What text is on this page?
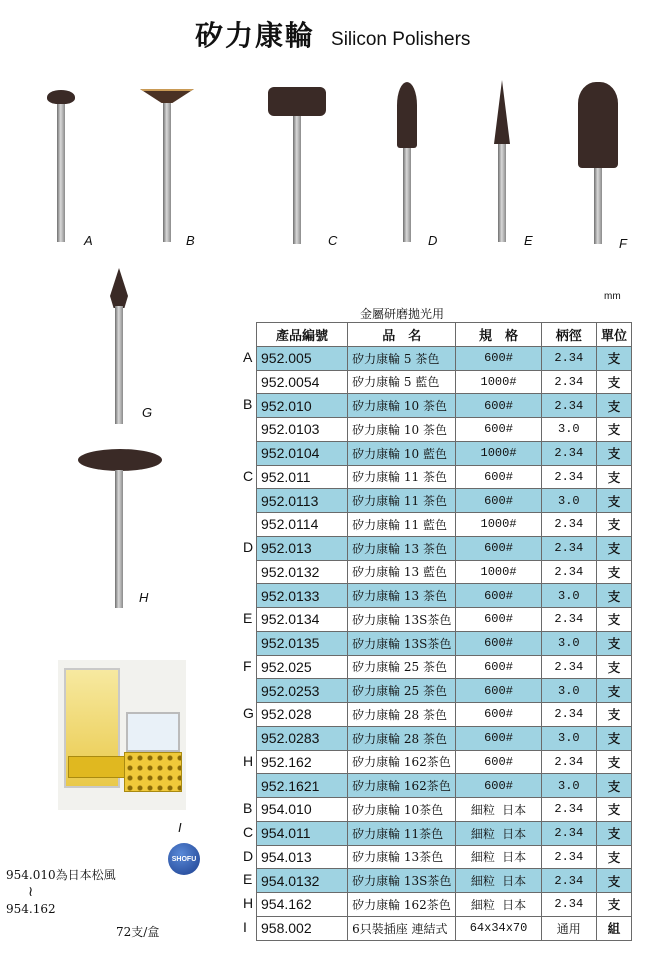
矽力康輪 Silicon Polishers
A	B	C	D	E	F
G
H
I
mm
金屬研磨拋光用
A
B
C
D
E
F
G
H
B
C
D
E
H
I
產品編號	品　名	規　格	柄徑	單位
952.005	矽力康輪 5 茶色	600#	2.34	支
952.0054	矽力康輪 5 藍色	1000#	2.34	支
952.010	矽力康輪 10 茶色	600#	2.34	支
952.0103	矽力康輪 10 茶色	600#	3.0	支
952.0104	矽力康輪 10 藍色	1000#	2.34	支
952.011	矽力康輪 11 茶色	600#	2.34	支
952.0113	矽力康輪 11 茶色	600#	3.0	支
952.0114	矽力康輪 11 藍色	1000#	2.34	支
952.013	矽力康輪 13 茶色	600#	2.34	支
952.0132	矽力康輪 13 藍色	1000#	2.34	支
952.0133	矽力康輪 13 茶色	600#	3.0	支
952.0134	矽力康輪 13S茶色	600#	2.34	支
952.0135	矽力康輪 13S茶色	600#	3.0	支
952.025	矽力康輪 25 茶色	600#	2.34	支
952.0253	矽力康輪 25 茶色	600#	3.0	支
952.028	矽力康輪 28 茶色	600#	2.34	支
952.0283	矽力康輪 28 茶色	600#	3.0	支
952.162	矽力康輪 162茶色	600#	2.34	支
952.1621	矽力康輪 162茶色	600#	3.0	支
954.010	矽力康輪 10茶色	細粒 日本	2.34	支
954.011	矽力康輪 11茶色	細粒 日本	2.34	支
954.013	矽力康輪 13茶色	細粒 日本	2.34	支
954.0132	矽力康輪 13S茶色	細粒 日本	2.34	支
954.162	矽力康輪 162茶色	細粒 日本	2.34	支
958.002	6只裝插座 連結式	64x34x70	通用	組
954.010為日本松風
≀
954.162
72支/盒
SHOFU
